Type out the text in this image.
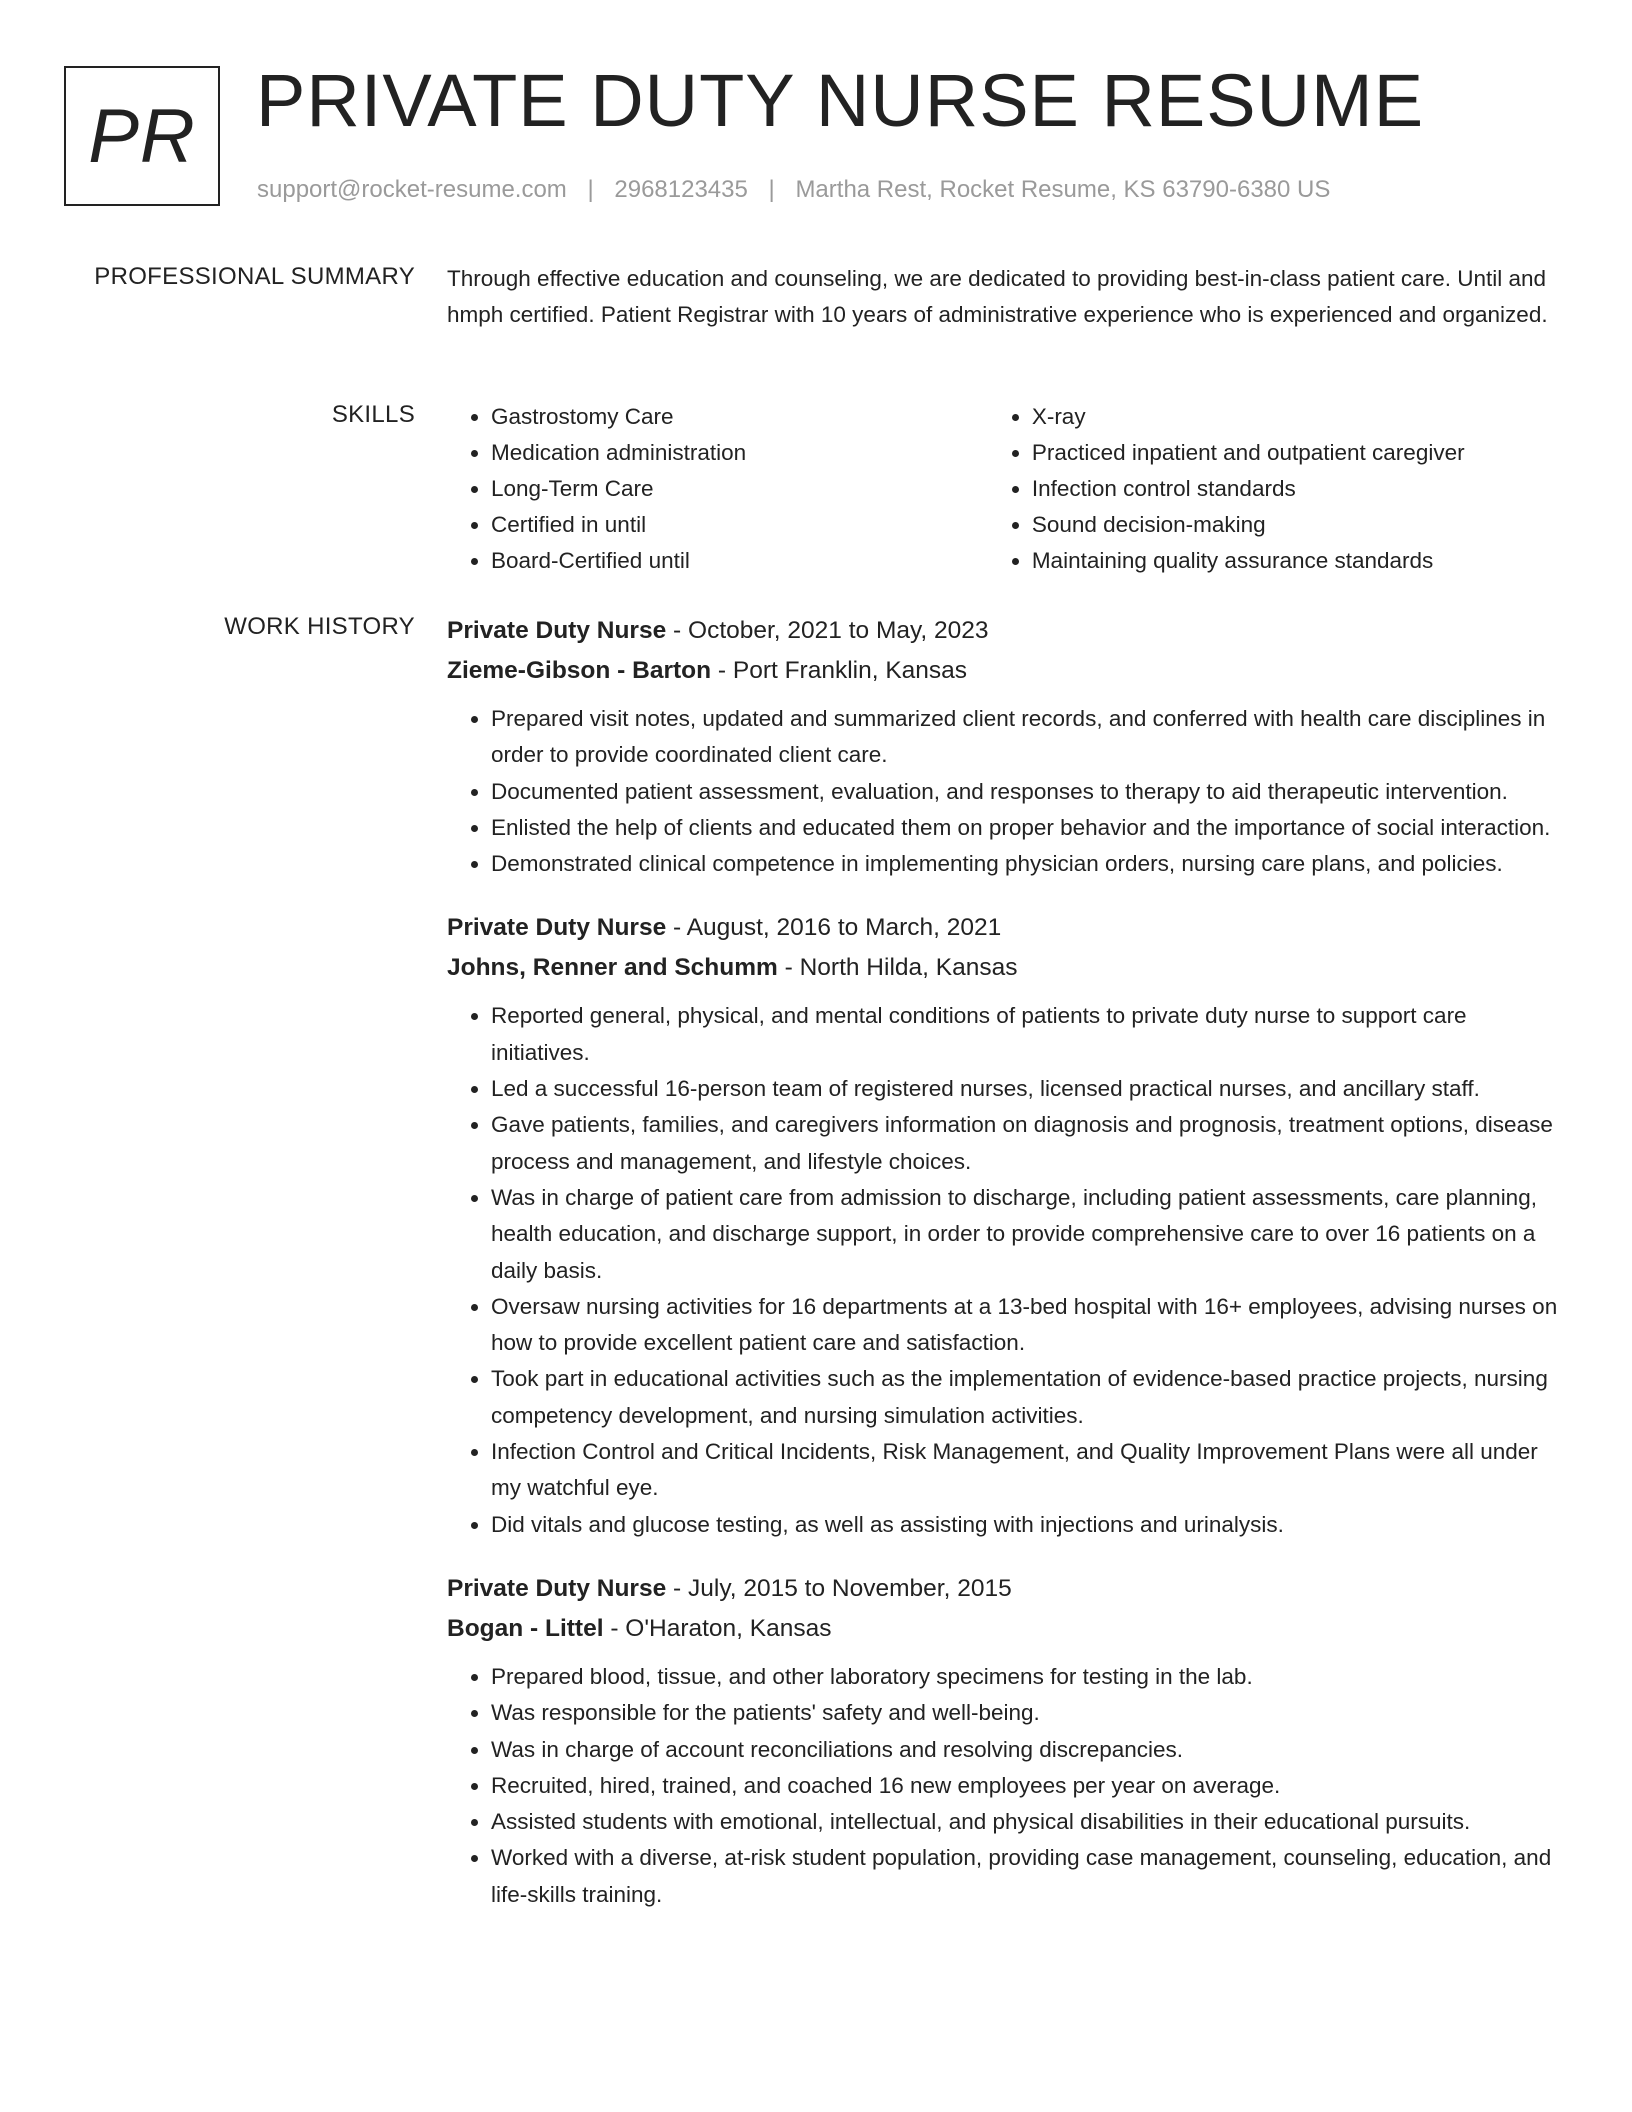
PR PRIVATE DUTY NURSE RESUME
support@rocket-resume.com | 2968123435 | Martha Rest, Rocket Resume, KS 63790-6380 US
PROFESSIONAL SUMMARY Through effective education and counseling, we are dedicated to providing best-in-class patient care. Until and hmph certified. Patient Registrar with 10 years of administrative experience who is experienced and organized.

SKILLS
•	Gastrostomy Care
• Medication administration
• Long-Term Care
• Certified in until
• Board-Certified until
• X-ray
• Practiced inpatient and outpatient caregiver
• Infection control standards
• Sound decision-making
• Maintaining quality assurance standards
WORK HISTORY Private Duty Nurse - October, 2021 to May, 2023
Zieme-Gibson - Barton - Port Franklin, Kansas
• Prepared visit notes, updated and summarized client records, and conferred with health care disciplines in order to provide coordinated client care.
• Documented patient assessment, evaluation, and responses to therapy to aid therapeutic intervention.
• Enlisted the help of clients and educated them on proper behavior and the importance of social interaction.
• Demonstrated clinical competence in implementing physician orders, nursing care plans, and policies.
Private Duty Nurse - August, 2016 to March, 2021
Johns, Renner and Schumm - North Hilda, Kansas
• Reported general, physical, and mental conditions of patients to private duty nurse to support care initiatives.
• Led a successful 16-person team of registered nurses, licensed practical nurses, and ancillary staff.
• Gave patients, families, and caregivers information on diagnosis and prognosis, treatment options, disease process and management, and lifestyle choices.
• Was in charge of patient care from admission to discharge, including patient assessments, care planning, health education, and discharge support, in order to provide comprehensive care to over 16 patients on a daily basis.
• Oversaw nursing activities for 16 departments at a 13-bed hospital with 16+ employees, advising nurses on how to provide excellent patient care and satisfaction.
• Took part in educational activities such as the implementation of evidence-based practice projects, nursing competency development, and nursing simulation activities.
• Infection Control and Critical Incidents, Risk Management, and Quality Improvement Plans were all under my watchful eye.
• Did vitals and glucose testing, as well as assisting with injections and urinalysis.
Private Duty Nurse - July, 2015 to November, 2015
Bogan - Littel - O'Haraton, Kansas
• Prepared blood, tissue, and other laboratory specimens for testing in the lab.
• Was responsible for the patients' safety and well-being.
• Was in charge of account reconciliations and resolving discrepancies.
• Recruited, hired, trained, and coached 16 new employees per year on average.
• Assisted students with emotional, intellectual, and physical disabilities in their educational pursuits.
• Worked with a diverse, at-risk student population, providing case management, counseling, education, and life-skills training.
